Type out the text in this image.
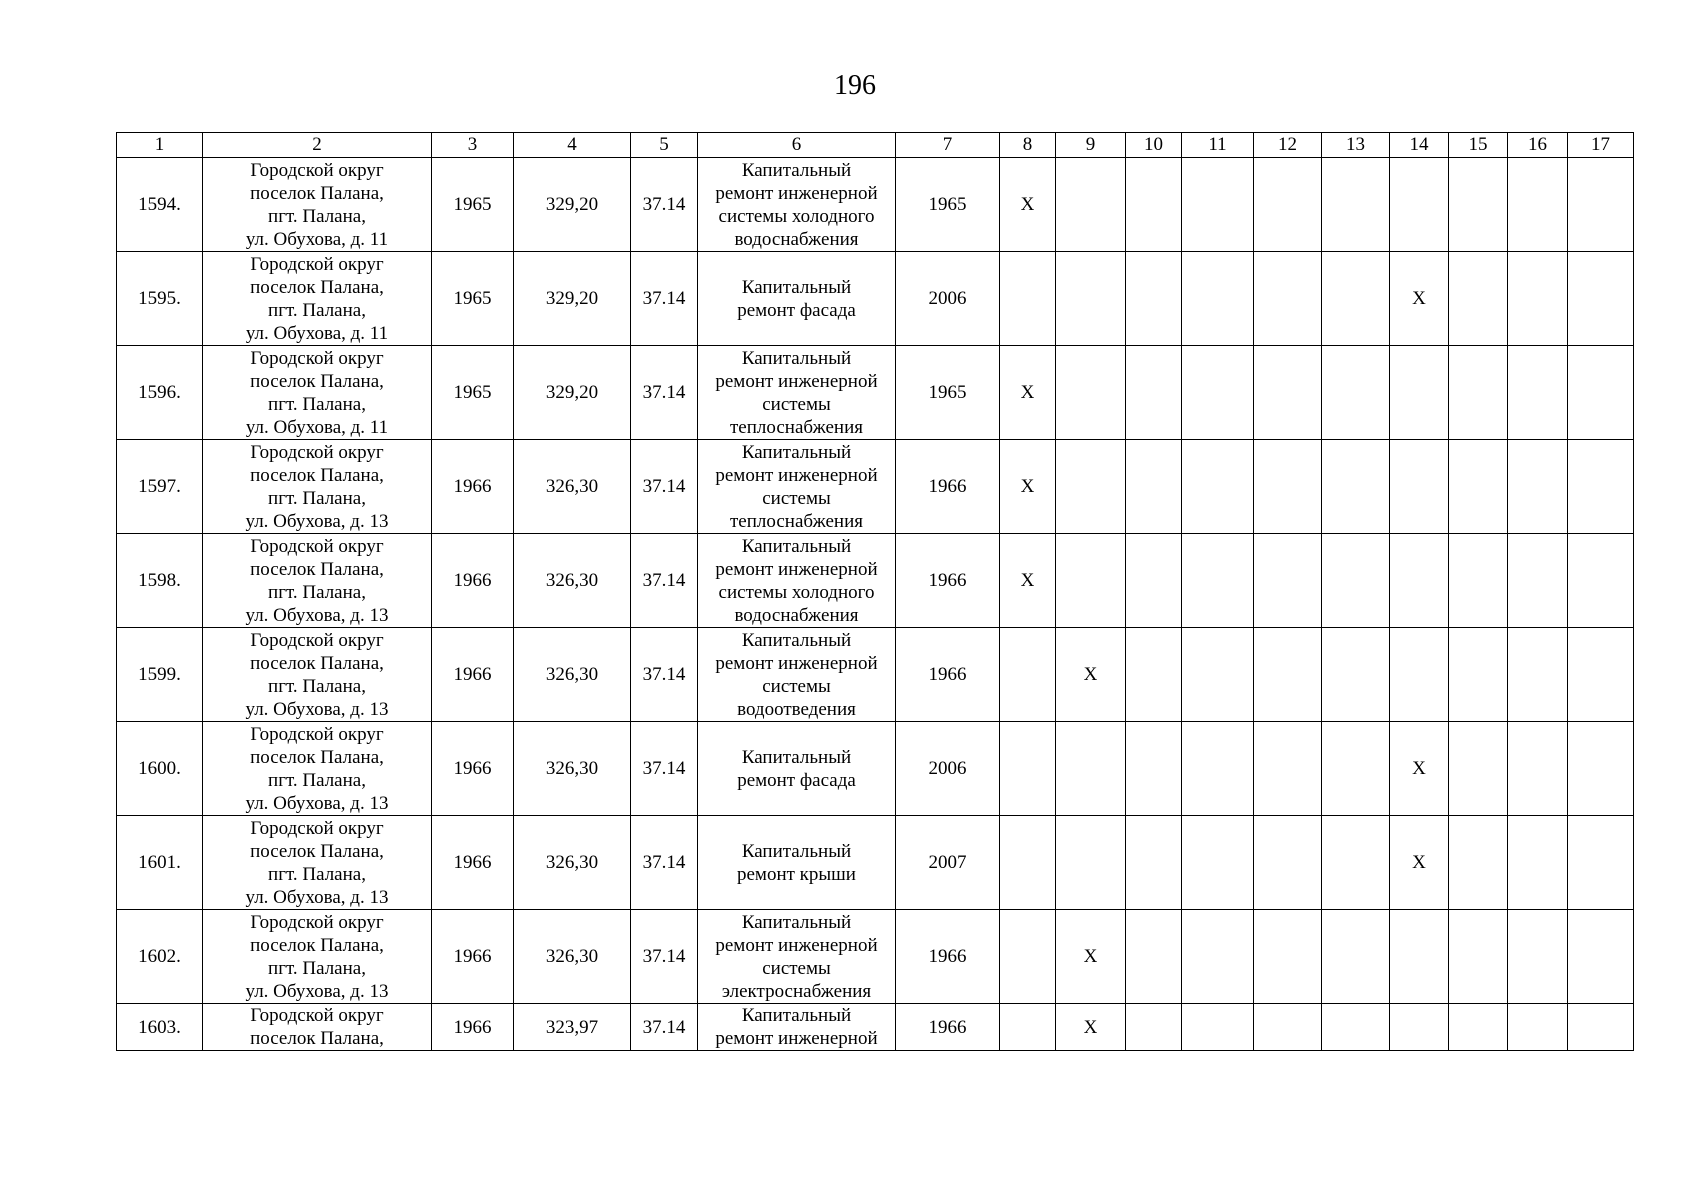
196
1	2	3	4	5	6	7	8	9	10	11	12	13	14	15	16	17
1594.	Городской округ
поселок Палана,
пгт. Палана,
ул. Обухова, д. 11	1965	329,20	37.14	Капитальный
ремонт инженерной
системы холодного
водоснабжения	1965	X									
1595.	Городской округ
поселок Палана,
пгт. Палана,
ул. Обухова, д. 11	1965	329,20	37.14	Капитальный
ремонт фасада	2006							X			
1596.	Городской округ
поселок Палана,
пгт. Палана,
ул. Обухова, д. 11	1965	329,20	37.14	Капитальный
ремонт инженерной
системы
теплоснабжения	1965	X									
1597.	Городской округ
поселок Палана,
пгт. Палана,
ул. Обухова, д. 13	1966	326,30	37.14	Капитальный
ремонт инженерной
системы
теплоснабжения	1966	X									
1598.	Городской округ
поселок Палана,
пгт. Палана,
ул. Обухова, д. 13	1966	326,30	37.14	Капитальный
ремонт инженерной
системы холодного
водоснабжения	1966	X									
1599.	Городской округ
поселок Палана,
пгт. Палана,
ул. Обухова, д. 13	1966	326,30	37.14	Капитальный
ремонт инженерной
системы
водоотведения	1966		X								
1600.	Городской округ
поселок Палана,
пгт. Палана,
ул. Обухова, д. 13	1966	326,30	37.14	Капитальный
ремонт фасада	2006							X			
1601.	Городской округ
поселок Палана,
пгт. Палана,
ул. Обухова, д. 13	1966	326,30	37.14	Капитальный
ремонт крыши	2007							X			
1602.	Городской округ
поселок Палана,
пгт. Палана,
ул. Обухова, д. 13	1966	326,30	37.14	Капитальный
ремонт инженерной
системы
электроснабжения	1966		X								
1603.	Городской округ
поселок Палана,	1966	323,97	37.14	Капитальный
ремонт инженерной	1966		X								
